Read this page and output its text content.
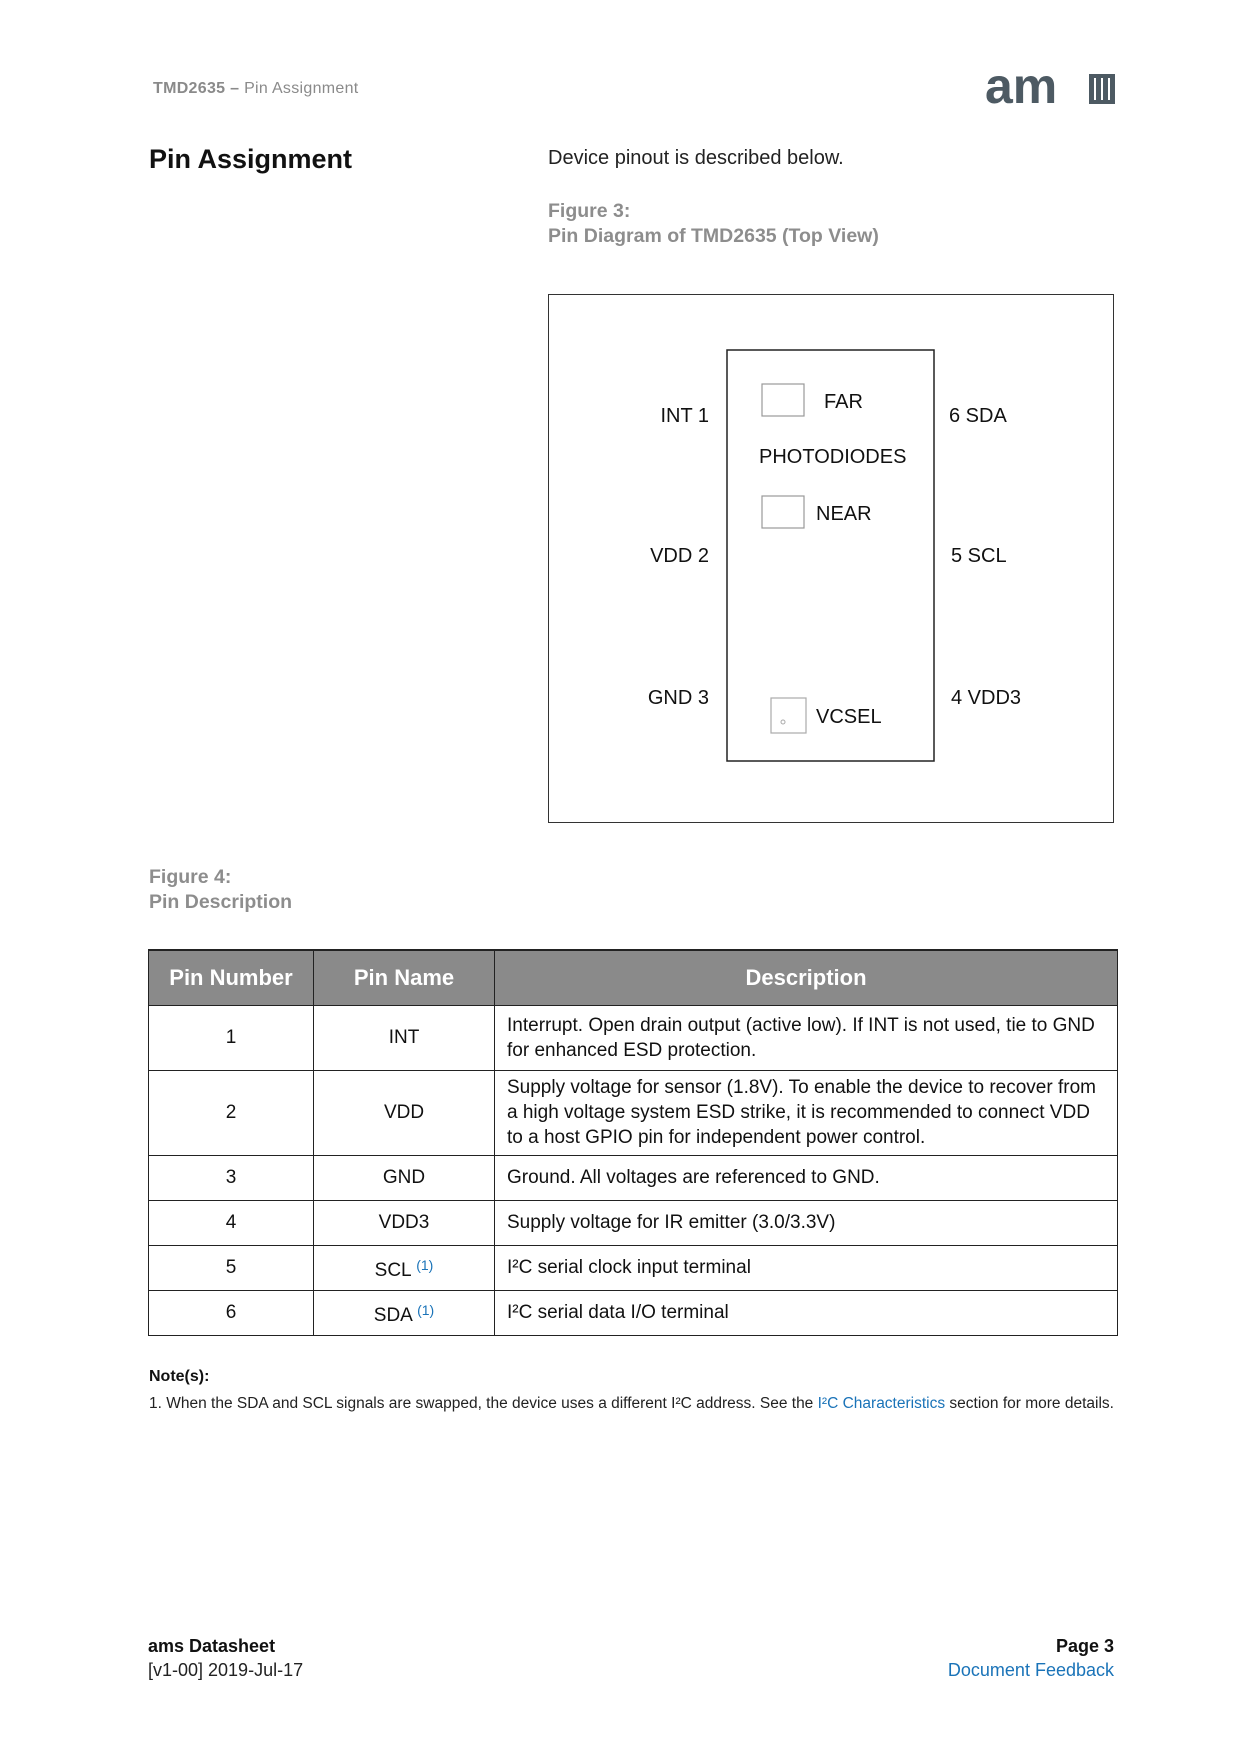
TMD2635 – Pin Assignment	am
Pin Assignment	Device pinout is described below.
Figure 3:
Pin Diagram of TMD2635 (Top View)
FAR
PHOTODIODES
NEAR
VCSEL
INT 1
VDD 2
GND 3
6 SDA
5 SCL
4 VDD3
Figure 4:
Pin Description
Pin Number	Pin Name	Description
1	INT	Interrupt. Open drain output (active low). If INT is not used, tie to GND
for enhanced ESD protection.

2	VDD	Supply voltage for sensor (1.8V). To enable the device to recover from
a high voltage system ESD strike, it is recommended to connect VDD
to a host GPIO pin for independent power control.

3	GND	Ground. All voltages are referenced to GND.

4	VDD3	Supply voltage for IR emitter (3.0/3.3V)

5	SCL $^{(1)}$	I²C serial clock input terminal

6	SDA $^{(1)}$	I²C serial data I/O terminal
Note(s):
1. When the SDA and SCL signals are swapped, the device uses a different I²C address. See the I²C Characteristics section for more details.
ams Datasheet
[v1-00] 2019-Jul-17
Page 3
Document Feedback
